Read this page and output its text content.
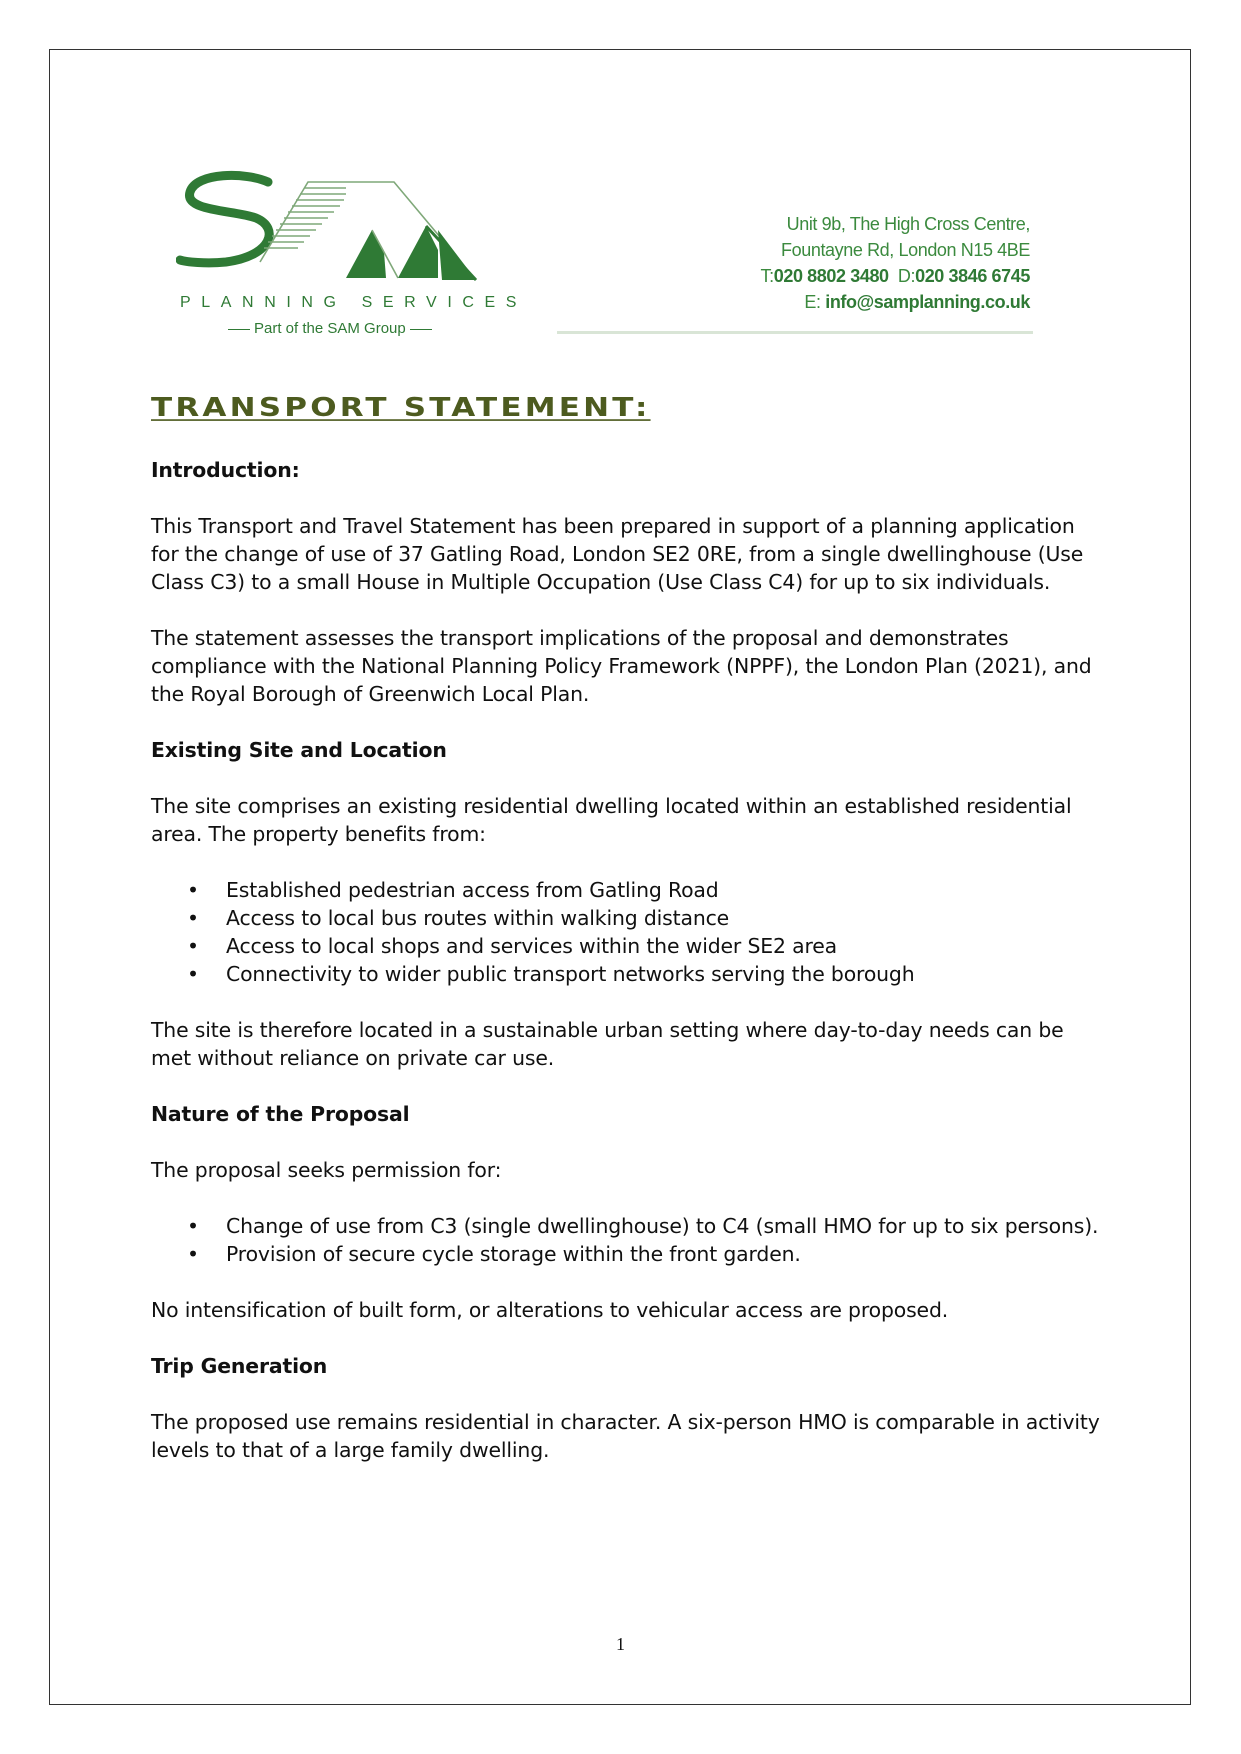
PLANNING SERVICES
Part of the SAM Group
Unit 9b, The High Cross Centre,
Fountayne Rd, London N15 4BE
T:020 8802 3480 D:020 3846 6745
E: info@samplanning.co.uk
TRANSPORT STATEMENT:
Introduction:

This Transport and Travel Statement has been prepared in support of a planning application for the change of use of 37 Gatling Road, London SE2 0RE, from a single dwellinghouse (Use Class C3) to a small House in Multiple Occupation (Use Class C4) for up to six individuals.

The statement assesses the transport implications of the proposal and demonstrates compliance with the National Planning Policy Framework (NPPF), the London Plan (2021), and the Royal Borough of Greenwich Local Plan.

Existing Site and Location

The site comprises an existing residential dwelling located within an established residential area. The property benefits from:

• Established pedestrian access from Gatling Road
• Access to local bus routes within walking distance
• Access to local shops and services within the wider SE2 area
• Connectivity to wider public transport networks serving the borough

The site is therefore located in a sustainable urban setting where day-to-day needs can be met without reliance on private car use.

Nature of the Proposal

The proposal seeks permission for:

• Change of use from C3 (single dwellinghouse) to C4 (small HMO for up to six persons).
• Provision of secure cycle storage within the front garden.

No intensification of built form, or alterations to vehicular access are proposed.

Trip Generation

The proposed use remains residential in character. A six-person HMO is comparable in activity levels to that of a large family dwelling.

1
